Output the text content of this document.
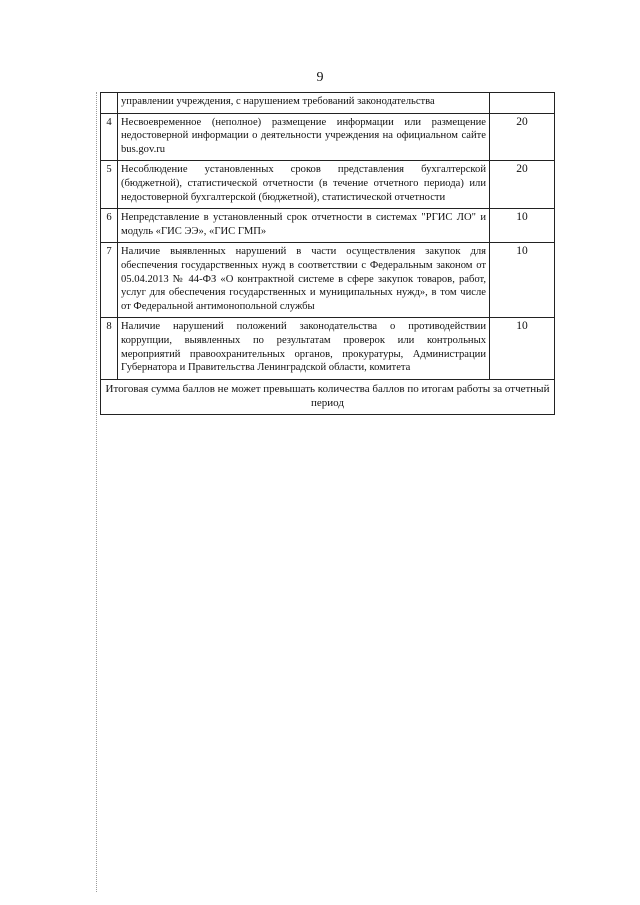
9
	управлении учреждения, с нарушением требований законодательства	
4	Несвоевременное (неполное) размещение информации или размещение недостоверной информации о деятельности учреждения на официальном сайте bus.gov.ru	20
5	Несоблюдение установленных сроков представления бухгалтерской (бюджетной), статистической отчетности (в течение отчетного периода) или недостоверной бухгалтерской (бюджетной), статистической отчетности	20
6	Непредставление в установленный срок отчетности в системах "РГИС ЛО" и модуль «ГИС ЭЭ», «ГИС ГМП»	10
7	Наличие выявленных нарушений в части осуществления закупок для обеспечения государственных нужд в соответствии с Федеральным законом от 05.04.2013 № 44-ФЗ «О контрактной системе в сфере закупок товаров, работ, услуг для обеспечения государственных и муниципальных нужд», в том числе от Федеральной антимонопольной службы	10
8	Наличие нарушений положений законодательства о противодействии коррупции, выявленных по результатам проверок или контрольных мероприятий правоохранительных органов, прокуратуры, Администрации Губернатора и Правительства Ленинградской области, комитета	10
Итоговая сумма баллов не может превышать количества баллов по итогам работы за отчетный период		
